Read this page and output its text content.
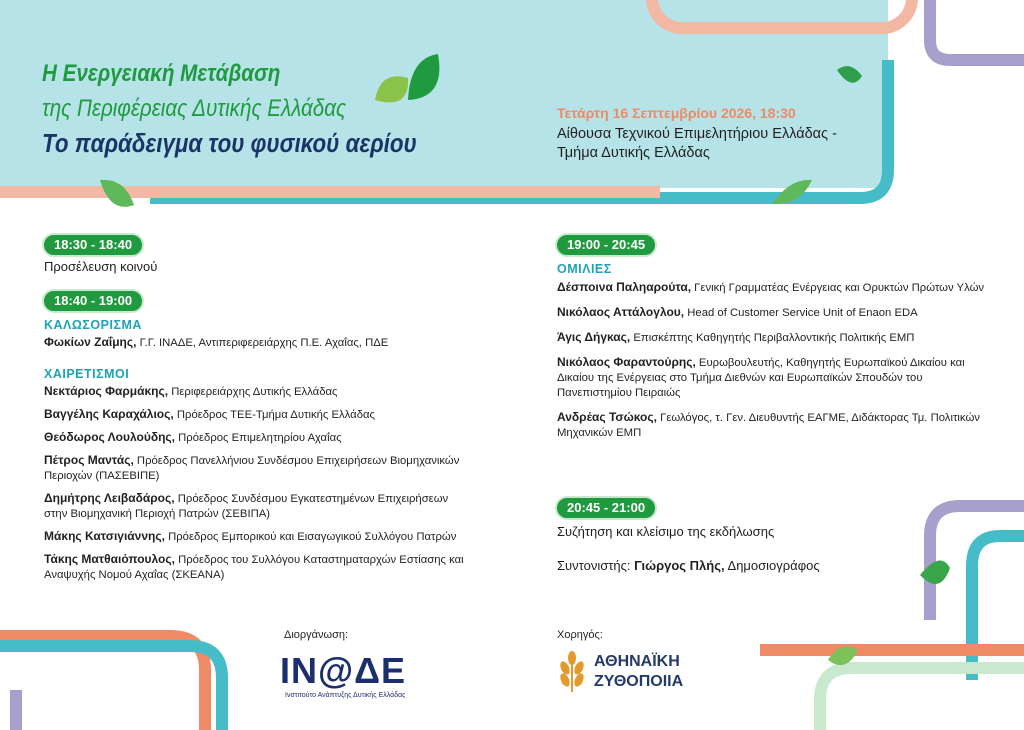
Η Ενεργειακή Μετάβαση
της Περιφέρειας Δυτικής Ελλάδας
Το παράδειγμα του φυσικού αερίου
Τετάρτη 16 Σεπτεμβρίου 2026, 18:30
Αίθουσα Τεχνικού Επιμελητήριου Ελλάδας - Τμήμα Δυτικής Ελλάδας
18:30 - 18:40
Προσέλευση κοινού
18:40 - 19:00
ΚΑΛΩΣΟΡΙΣΜΑ
Φωκίων Ζαΐμης, Γ.Γ. ΙΝΑΔΕ, Αντιπεριφερειάρχης Π.Ε. Αχαΐας, ΠΔΕ
ΧΑΙΡΕΤΙΣΜΟΙ
Νεκτάριος Φαρμάκης, Περιφερειάρχης Δυτικής Ελλάδας
Βαγγέλης Καραχάλιος, Πρόεδρος ΤΕΕ-Τμήμα Δυτικής Ελλάδας
Θεόδωρος Λουλούδης, Πρόεδρος Επιμελητηρίου Αχαΐας
Πέτρος Μαντάς, Πρόεδρος Πανελλήνιου Συνδέσμου Επιχειρήσεων Βιομηχανικών Περιοχών (ΠΑΣΕΒΙΠΕ)
Δημήτρης Λειβαδάρος, Πρόεδρος Συνδέσμου Εγκατεστημένων Επιχειρήσεων στην Βιομηχανική Περιοχή Πατρών (ΣΕΒΙΠΑ)
Μάκης Κατσιγιάννης, Πρόεδρος Εμπορικού και Εισαγωγικού Συλλόγου Πατρών
Τάκης Ματθαιόπουλος, Πρόεδρος του Συλλόγου Καταστηματαρχών Εστίασης και Αναψυχής Νομού Αχαΐας (ΣΚΕΑΝΑ)
19:00 - 20:45
ΟΜΙΛΙΕΣ
Δέσποινα Παληαρούτα, Γενική Γραμματέας Ενέργειας και Ορυκτών Πρώτων Υλών
Νικόλαος Αττάλογλου, Head of Customer Service Unit of Enaon EDA
Άγις Δήγκας, Επισκέπτης Καθηγητής Περιβαλλοντικής Πολιτικής ΕΜΠ
Νικόλαος Φαραντούρης, Ευρωβουλευτής, Καθηγητής Ευρωπαϊκού Δικαίου και Δικαίου της Ενέργειας στο Τμήμα Διεθνών και Ευρωπαϊκών Σπουδών του Πανεπιστημίου Πειραιώς
Ανδρέας Τσώκος, Γεωλόγος, τ. Γεν. Διευθυντής ΕΑΓΜΕ, Διδάκτορας Τμ. Πολιτικών Μηχανικών ΕΜΠ
20:45 - 21:00
Συζήτηση και κλείσιμο της εκδήλωσης
Συντονιστής: Γιώργος Πλής, Δημοσιογράφος
Διοργάνωση:
ΙΝ@ΔΕ
Ινστιτούτο Ανάπτυξης Δυτικής Ελλάδας
Χορηγός:
ΑΘΗΝΑΪΚΗ
ΖΥΘΟΠΟΙΙΑ
